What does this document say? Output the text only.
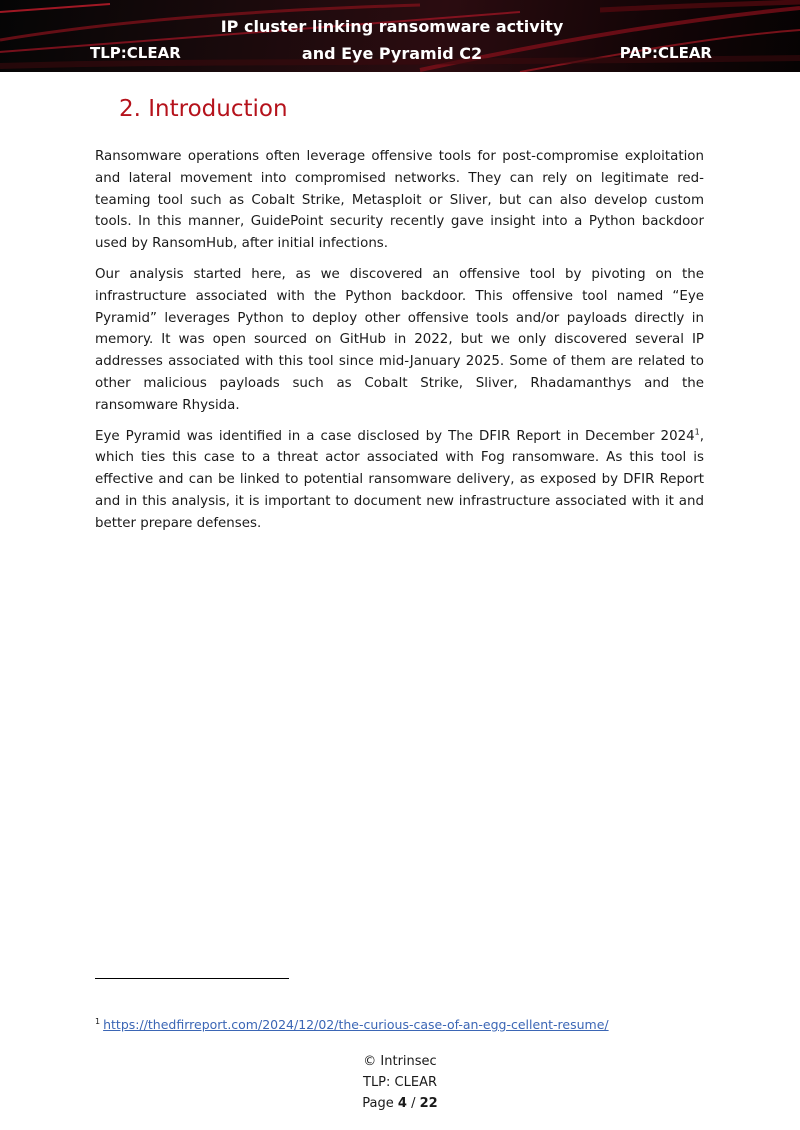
TLP:CLEAR
IP cluster linking ransomware activity
and Eye Pyramid C2	PAP:CLEAR
2. Introduction

Ransomware operations often leverage offensive tools for post-compromise exploitation and lateral movement into compromised networks. They can rely on legitimate red-teaming tool such as Cobalt Strike, Metasploit or Sliver, but can also develop custom tools. In this manner, GuidePoint security recently gave insight into a Python backdoor used by RansomHub, after initial infections.

Our analysis started here, as we discovered an offensive tool by pivoting on the infrastructure associated with the Python backdoor. This offensive tool named “Eye Pyramid” leverages Python to deploy other offensive tools and/or payloads directly in memory. It was open sourced on GitHub in 2022, but we only discovered several IP addresses associated with this tool since mid-January 2025. Some of them are related to other malicious payloads such as Cobalt Strike, Sliver, Rhadamanthys and the ransomware Rhysida.

Eye Pyramid was identified in a case disclosed by The DFIR Report in December 2024$^1$, which ties this case to a threat actor associated with Fog ransomware. As this tool is effective and can be linked to potential ransomware delivery, as exposed by DFIR Report and in this analysis, it is important to document new infrastructure associated with it and better prepare defenses.

$^1$ https://thedfirreport.com/2024/12/02/the-curious-case-of-an-egg-cellent-resume/
© Intrinsec
TLP: CLEAR
Page 4 / 22
